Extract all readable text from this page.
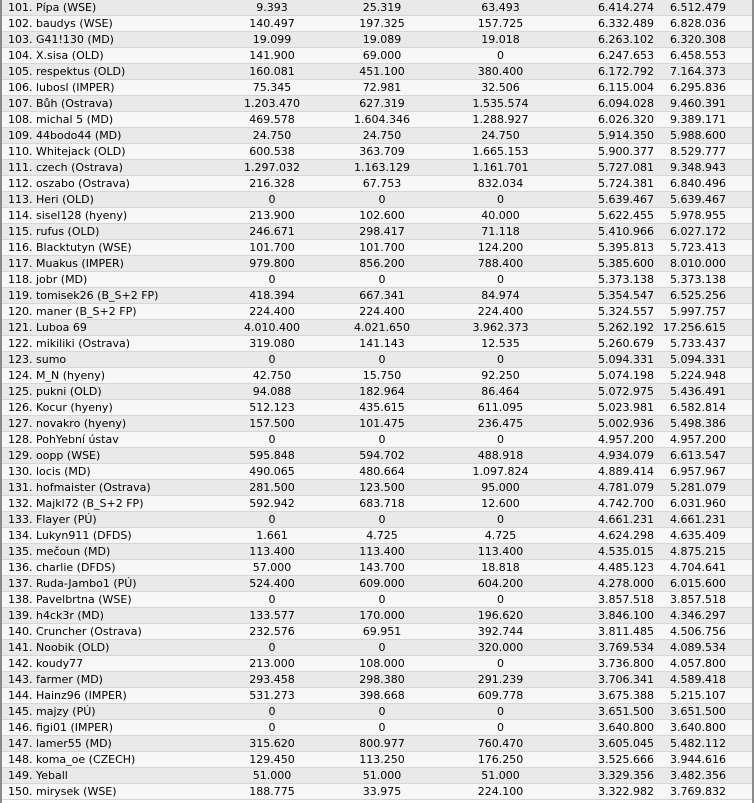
101. Pípa (WSE)	9.393	25.319	63.493	6.414.274	6.512.479
102. baudys (WSE)	140.497	197.325	157.725	6.332.489	6.828.036
103. G41!130 (MD)	19.099	19.089	19.018	6.263.102	6.320.308
104. X.sisa (OLD)	141.900	69.000	0	6.247.653	6.458.553
105. respektus (OLD)	160.081	451.100	380.400	6.172.792	7.164.373
106. lubosl (IMPER)	75.345	72.981	32.506	6.115.004	6.295.836
107. Bůh (Ostrava)	1.203.470	627.319	1.535.574	6.094.028	9.460.391
108. michal 5 (MD)	469.578	1.604.346	1.288.927	6.026.320	9.389.171
109. 44bodo44 (MD)	24.750	24.750	24.750	5.914.350	5.988.600
110. Whitejack (OLD)	600.538	363.709	1.665.153	5.900.377	8.529.777
111. czech (Ostrava)	1.297.032	1.163.129	1.161.701	5.727.081	9.348.943
112. oszabo (Ostrava)	216.328	67.753	832.034	5.724.381	6.840.496
113. Heri (OLD)	0	0	0	5.639.467	5.639.467
114. sisel128 (hyeny)	213.900	102.600	40.000	5.622.455	5.978.955
115. rufus (OLD)	246.671	298.417	71.118	5.410.966	6.027.172
116. Blacktutyn (WSE)	101.700	101.700	124.200	5.395.813	5.723.413
117. Muakus (IMPER)	979.800	856.200	788.400	5.385.600	8.010.000
118. jobr (MD)	0	0	0	5.373.138	5.373.138
119. tomisek26 (B_S+2 FP)	418.394	667.341	84.974	5.354.547	6.525.256
120. maner (B_S+2 FP)	224.400	224.400	224.400	5.324.557	5.997.757
121. Luboa 69	4.010.400	4.021.650	3.962.373	5.262.192 17.256.615
122. mikiliki (Ostrava)	319.080	141.143	12.535	5.260.679	5.733.437
123. sumo	0	0	0	5.094.331	5.094.331
124. M_N (hyeny)	42.750	15.750	92.250	5.074.198	5.224.948
125. pukni (OLD)	94.088	182.964	86.464	5.072.975	5.436.491
126. Kocur (hyeny)	512.123	435.615	611.095	5.023.981	6.582.814
127. novakro (hyeny)	157.500	101.475	236.475	5.002.936	5.498.386
128. PohYebnı́ ústav	0	0	0	4.957.200	4.957.200
129. oopp (WSE)	595.848	594.702	488.918	4.934.079	6.613.547
130. locis (MD)	490.065	480.664	1.097.824	4.889.414	6.957.967
131. hofmaister (Ostrava)	281.500	123.500	95.000	4.781.079	5.281.079
132. Majkl72 (B_S+2 FP)	592.942	683.718	12.600	4.742.700	6.031.960
133. Flayer (PÚ)	0	0	0	4.661.231	4.661.231
134. Lukyn911 (DFDS)	1.661	4.725	4.725	4.624.298	4.635.409
135. mečoun (MD)	113.400	113.400	113.400	4.535.015	4.875.215
136. charlie (DFDS)	57.000	143.700	18.818	4.485.123	4.704.641
137. Ruda-Jambo1 (PÚ)	524.400	609.000	604.200	4.278.000	6.015.600
138. Pavelbrtna (WSE)	0	0	0	3.857.518	3.857.518
139. h4ck3r (MD)	133.577	170.000	196.620	3.846.100	4.346.297
140. Cruncher (Ostrava)	232.576	69.951	392.744	3.811.485	4.506.756
141. Noobik (OLD)	0	0	320.000	3.769.534	4.089.534
142. koudy77	213.000	108.000	0	3.736.800	4.057.800
143. farmer (MD)	293.458	298.380	291.239	3.706.341	4.589.418
144. Hainz96 (IMPER)	531.273	398.668	609.778	3.675.388	5.215.107
145. majzy (PÚ)	0	0	0	3.651.500	3.651.500
146. figi01 (IMPER)	0	0	0	3.640.800	3.640.800
147. lamer55 (MD)	315.620	800.977	760.470	3.605.045	5.482.112
148. koma_oe (CZECH)	129.450	113.250	176.250	3.525.666	3.944.616
149. Yeball	51.000	51.000	51.000	3.329.356	3.482.356
150. mirysek (WSE)	188.775	33.975	224.100	3.322.982	3.769.832
